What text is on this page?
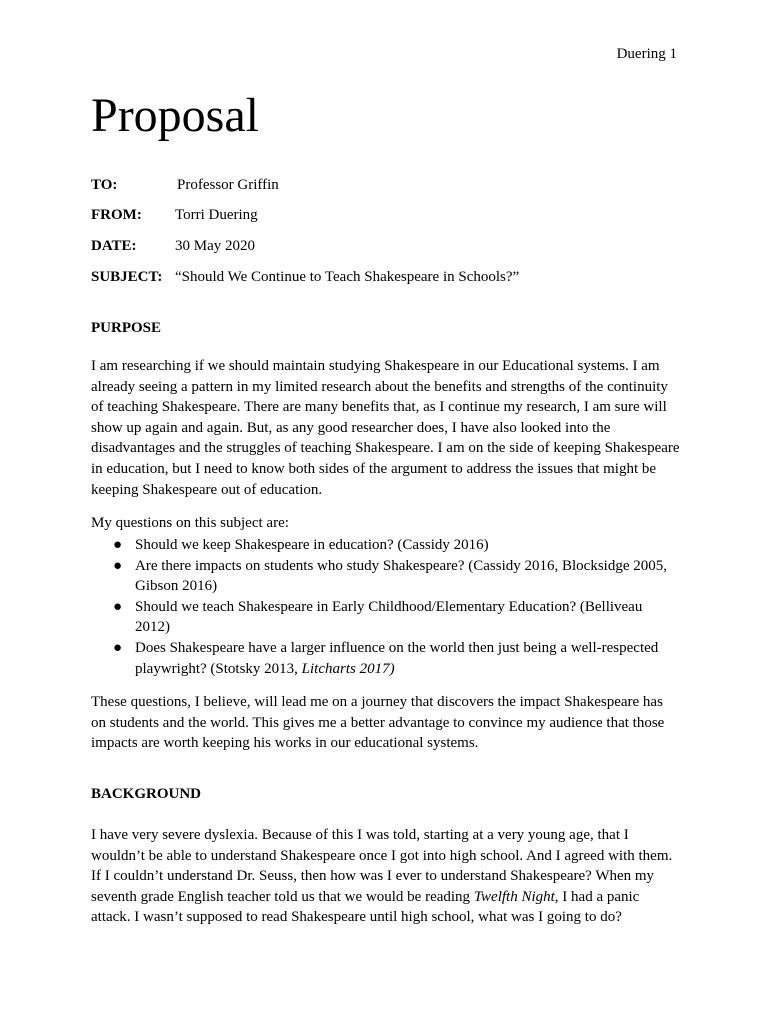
Duering 1
Proposal
TO:	Professor Griffin
FROM: Torri Duering
DATE:	30 May 2020
SUBJECT: “Should We Continue to Teach Shakespeare in Schools?”
PURPOSE

I am researching if we should maintain studying Shakespeare in our Educational systems. I am already seeing a pattern in my limited research about the benefits and strengths of the continuity of teaching Shakespeare. There are many benefits that, as I continue my research, I am sure will show up again and again. But, as any good researcher does, I have also looked into the disadvantages and the struggles of teaching Shakespeare. I am on the side of keeping Shakespeare in education, but I need to know both sides of the argument to address the issues that might be keeping Shakespeare out of education.

My questions on this subject are:

● Should we keep Shakespeare in education? (Cassidy 2016)
● Are there impacts on students who study Shakespeare? (Cassidy 2016, Blocksidge 2005, Gibson 2016)
● Should we teach Shakespeare in Early Childhood/Elementary Education? (Belliveau 2012)
● Does Shakespeare have a larger influence on the world then just being a well-respected playwright? (Stotsky 2013, Litcharts 2017)

These questions, I believe, will lead me on a journey that discovers the impact Shakespeare has on students and the world. This gives me a better advantage to convince my audience that those impacts are worth keeping his works in our educational systems.

BACKGROUND

I have very severe dyslexia. Because of this I was told, starting at a very young age, that I wouldn’t be able to understand Shakespeare once I got into high school. And I agreed with them. If I couldn’t understand Dr. Seuss, then how was I ever to understand Shakespeare? When my seventh grade English teacher told us that we would be reading Twelfth Night, I had a panic attack. I wasn’t supposed to read Shakespeare until high school, what was I going to do?
